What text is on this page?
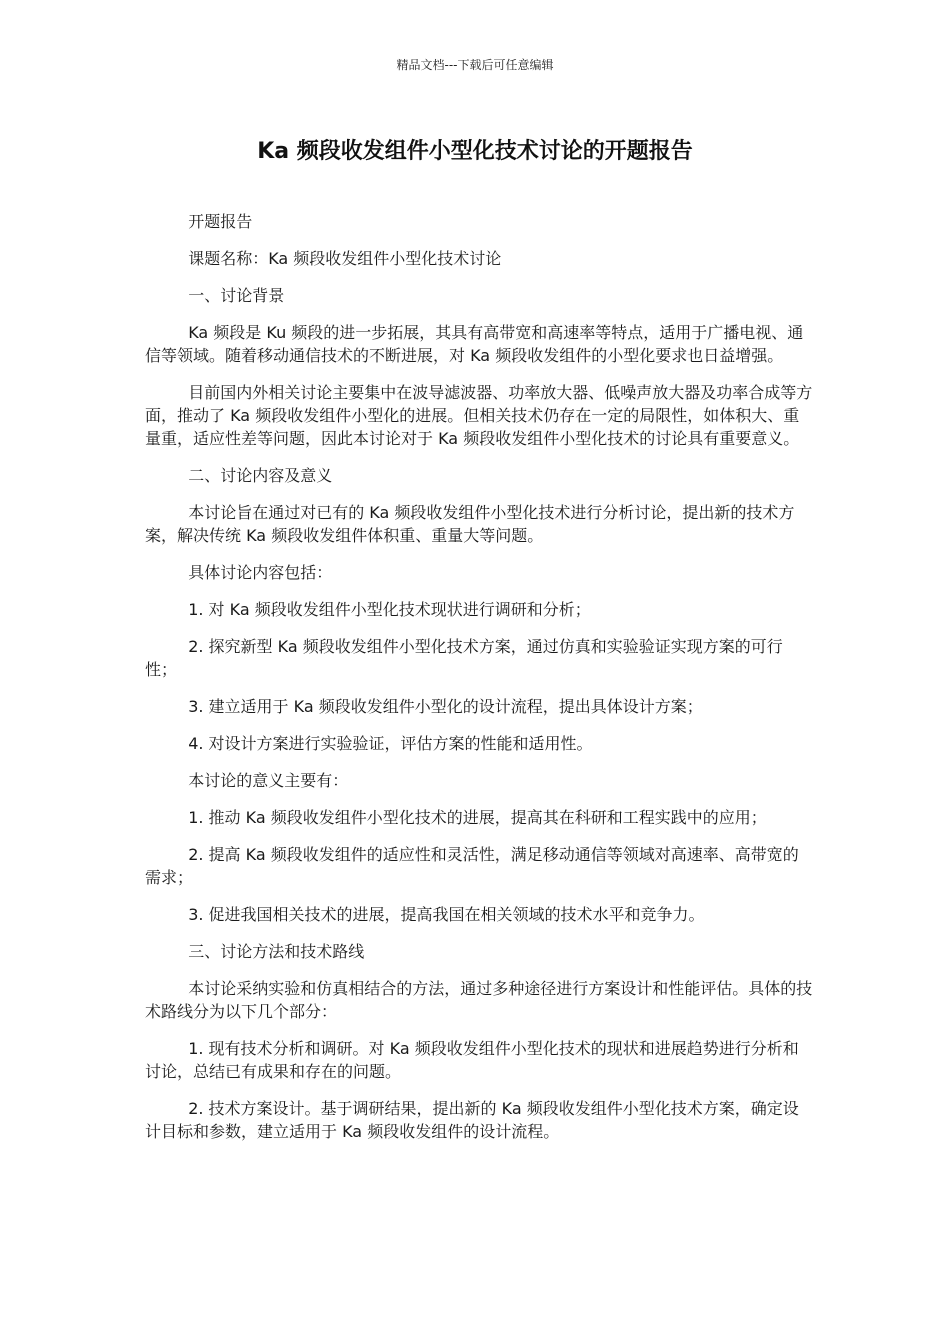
精品文档---下载后可任意编辑
Ka 频段收发组件小型化技术讨论的开题报告

开题报告

课题名称：Ka 频段收发组件小型化技术讨论

一、讨论背景

Ka 频段是 Ku 频段的进一步拓展，其具有高带宽和高速率等特点，适用于广播电视、通信等领域。随着移动通信技术的不断进展，对 Ka 频段收发组件的小型化要求也日益增强。

目前国内外相关讨论主要集中在波导滤波器、功率放大器、低噪声放大器及功率合成等方面，推动了 Ka 频段收发组件小型化的进展。但相关技术仍存在一定的局限性，如体积大、重量重，适应性差等问题，因此本讨论对于 Ka 频段收发组件小型化技术的讨论具有重要意义。

二、讨论内容及意义

本讨论旨在通过对已有的 Ka 频段收发组件小型化技术进行分析讨论，提出新的技术方案，解决传统 Ka 频段收发组件体积重、重量大等问题。

具体讨论内容包括：

1. 对 Ka 频段收发组件小型化技术现状进行调研和分析；

2. 探究新型 Ka 频段收发组件小型化技术方案，通过仿真和实验验证实现方案的可行性；

3. 建立适用于 Ka 频段收发组件小型化的设计流程，提出具体设计方案；

4. 对设计方案进行实验验证，评估方案的性能和适用性。

本讨论的意义主要有：

1. 推动 Ka 频段收发组件小型化技术的进展，提高其在科研和工程实践中的应用；

2. 提高 Ka 频段收发组件的适应性和灵活性，满足移动通信等领域对高速率、高带宽的需求；

3. 促进我国相关技术的进展，提高我国在相关领域的技术水平和竞争力。

三、讨论方法和技术路线

本讨论采纳实验和仿真相结合的方法，通过多种途径进行方案设计和性能评估。具体的技术路线分为以下几个部分：

1. 现有技术分析和调研。对 Ka 频段收发组件小型化技术的现状和进展趋势进行分析和讨论，总结已有成果和存在的问题。

2. 技术方案设计。基于调研结果，提出新的 Ka 频段收发组件小型化技术方案，确定设计目标和参数，建立适用于 Ka 频段收发组件的设计流程。
